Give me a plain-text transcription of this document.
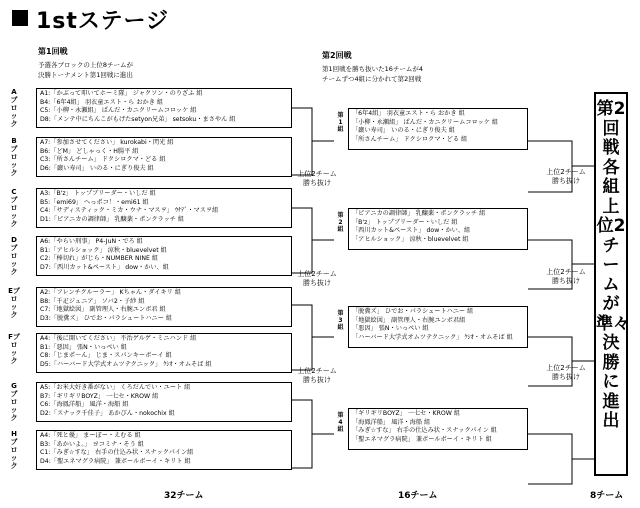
1stステージ
第1回戦
予選各ブロックの上位8チームが
決勝トーナメント第1回戦に進出
第2回戦
第1回戦を勝ち抜いた16チームが4
チームずつ4組に分かれて第2回戦
Aブロック
A1:「かぶって叩いてホーミ隊」 ジャクソン・のりざふ 組
B4:「6年4組」 羽衣童エスト・ら おかき 組
C5:「小柳・永瀬組」 ぱんだ・カニクリームコロッケ 組
D8:「メンテ中にちんこがもげたsetyon兄弟」 setsoku・まさやん 組
Bブロック
A7:「参加させてください」 kurokabi・閃光 組
B6:「どM」 どしゃっく・H腸平 組
C3:「所さんチーム」 ドクシロクマ・どる 組
D6:「巌い寿司」 いのる・にぎり俊夫 組
Cブロック
A3:「B'z」 トップブリーダー・いしだ 組
B5:「emi69」 へっポコ！・emi61 組
C4:「サディスティック・ミカ・ウナ・マスヲ」 ｳﾅﾃﾞ・マスヲ組
D1:「ピアニカの調律師」 乳醸薬・ポンクラッチ 組
Dブロック
A6:「やらい刑事」 P4-JuN・でろ 組
B1:「アヒルショック」 涼秋・bluevelvet 組
C2:「棒切れ」がじら・NUMBER NINE 組
D7:「西川カット&ペースト」 dow・かい、組
Eブロック
A2:「フレンチクルーラー」 Kちゃん・ダイキリ 組
B8:「千疋ジュニア」 ソバ2・子紗 組
C7:「地獄絵図」 副管理人・右腕ユンボ君 組
D3:「脱糞ズ」 ひでお・パラシュートハニー 組
Fブロック
A4:「後に開いてください」 不治ゲルゲ・ミニハンド 組
B1:「悪因」 張N・いっぺい 組
C8:「じまポ〜ん」 じま・スパンキーボーイ 組
D5:「ハーバード大学式オムツテクニック」 ｸｼｵ・オムそば 組
Gブロック
A5:「お米大好き番がない」 くろだんでい・ユート 組
B7:「ギリギリBOYZ」 一七セ・KROW 組
C6:「海鳳洋船」 風洋・海船 組
D2:「スナック千佳子」 あかびん・nokochix 組
Hブロック
A4:「死と優」 まーぼー・えむる 組
B3:「あかいよ。」 ヨコミナ・そう 組
C1:「みぎ☆すな」 右手の仕込み状・スナックパイン組
D4:「聖エネマグラ病院」 兼ボールボーイ・キリト 組
上位2チーム
勝ち抜け
上位2チーム
勝ち抜け
上位2チーム
勝ち抜け
第1組
「6年4組」 羽衣童エスト・ら おかき 組
「小柳・永瀬組」 ぱんだ・カニクリームコロッケ 組
「巌い寿司」 いのる・にぎり俊夫 組
「所さんチーム」 ドクシロクマ・どる 組
第2組
「ピアニカの調律師」 乳醸薬・ポンクラッチ 組
「B'z」 トップブリーダー・いしだ 組
「西川カット&ペースト」 dow・かい、組
「アヒルショック」 涼秋・bluevelvet 組
第3組
「脱糞ズ」 ひでお・パラシュートハニー 組
「地獄絵図」 副管理人・右腕ユンボ君組
「悪因」 張N・いっぺい 組
「ハーバード大学式オムツテクニック」 ｸｼｵ・オムそば 組
第4組
「ギリギリBOYZ」 一七セ・KROW 組
「海鳳洋船」 風洋・海船 組
「みぎ☆すな」 右手の仕込み状・スナックパイン 組
「聖エネマグラ病院」 兼ボールボーイ・キリト 組
上位2チーム
勝ち抜け
上位2チーム
勝ち抜け
上位2チーム
勝ち抜け
第2回戦各組上位2チームが準々決勝に進出
32チーム	16チーム	8チーム
